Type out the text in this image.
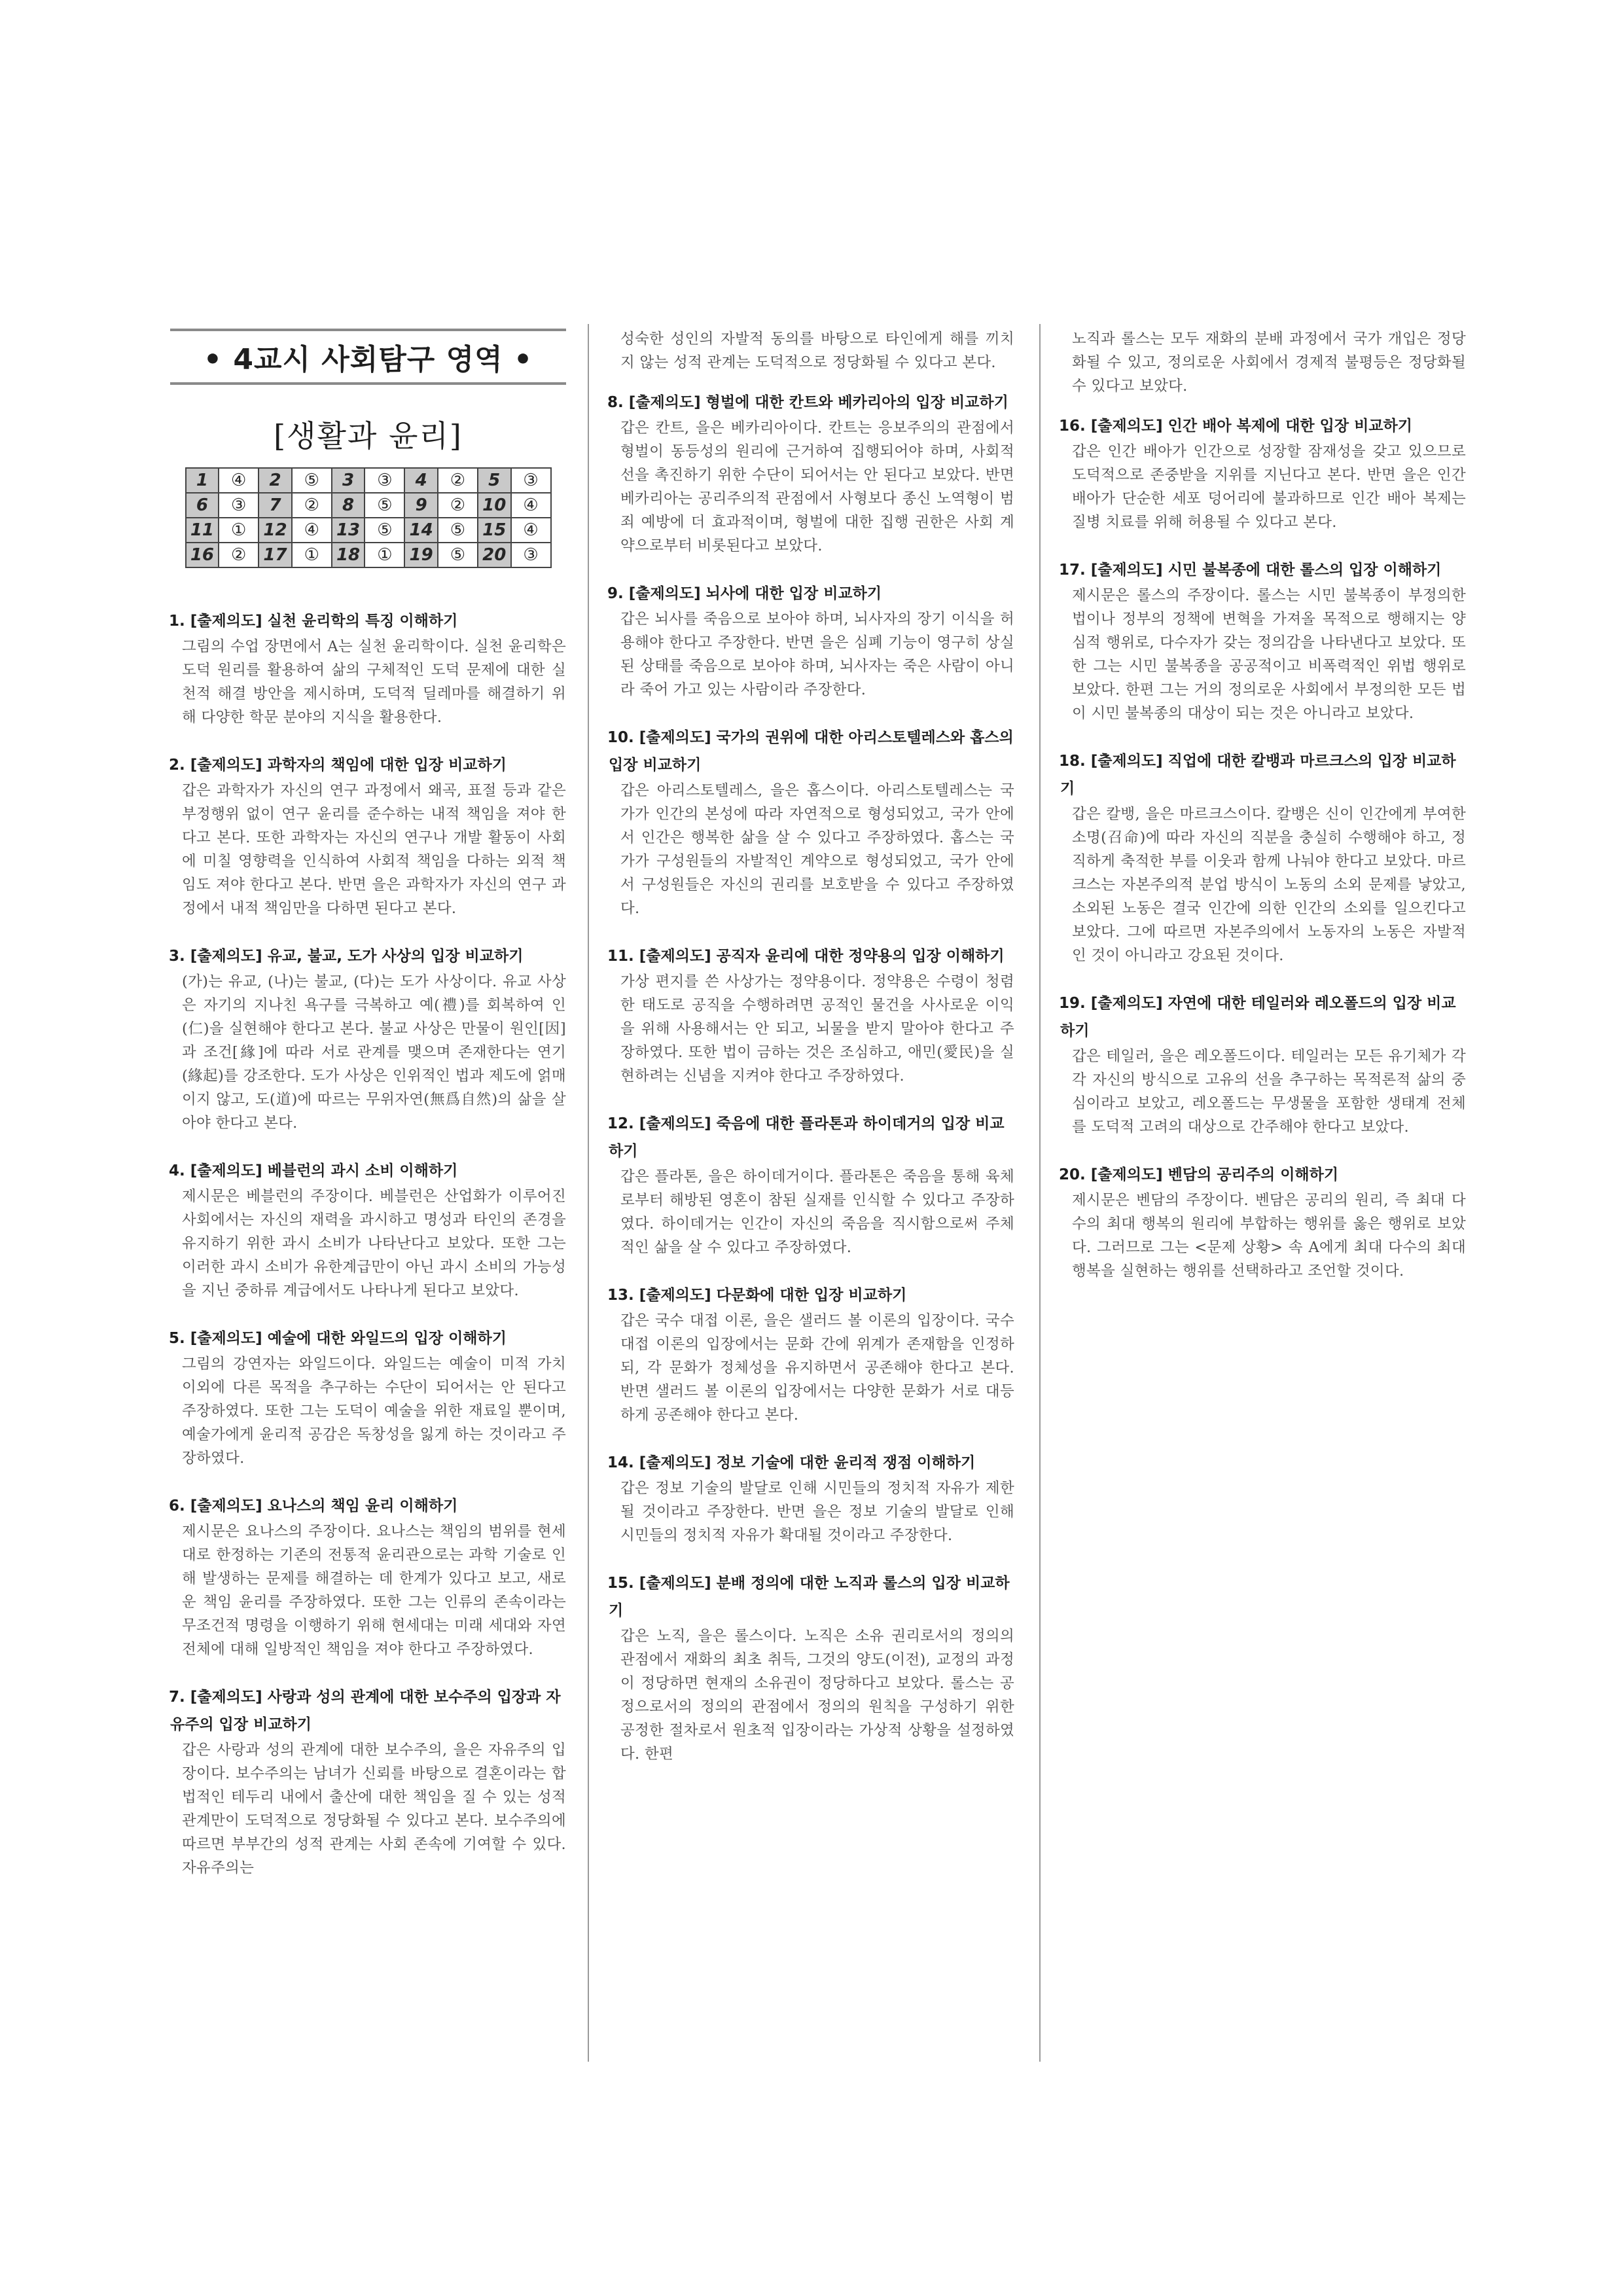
• 4교시 사회탐구 영역 •
[생활과 윤리]
1	④	2	⑤	3	③	4	②	5	③
6	③	7	②	8	⑤	9	②	10	④
11	①	12	④	13	⑤	14	⑤	15	④
16	②	17	①	18	①	19	⑤	20	③
1. [출제의도] 실천 윤리학의 특징 이해하기
그림의 수업 장면에서 A는 실천 윤리학이다. 실천 윤리학은 도덕 원리를 활용하여 삶의 구체적인 도덕 문제에 대한 실천적 해결 방안을 제시하며, 도덕적 딜레마를 해결하기 위해 다양한 학문 분야의 지식을 활용한다.
2. [출제의도] 과학자의 책임에 대한 입장 비교하기
갑은 과학자가 자신의 연구 과정에서 왜곡, 표절 등과 같은 부정행위 없이 연구 윤리를 준수하는 내적 책임을 져야 한다고 본다. 또한 과학자는 자신의 연구나 개발 활동이 사회에 미칠 영향력을 인식하여 사회적 책임을 다하는 외적 책임도 져야 한다고 본다. 반면 을은 과학자가 자신의 연구 과정에서 내적 책임만을 다하면 된다고 본다.
3. [출제의도] 유교, 불교, 도가 사상의 입장 비교하기
(가)는 유교, (나)는 불교, (다)는 도가 사상이다. 유교 사상은 자기의 지나친 욕구를 극복하고 예(禮)를 회복하여 인(仁)을 실현해야 한다고 본다. 불교 사상은 만물이 원인[因]과 조건[緣]에 따라 서로 관계를 맺으며 존재한다는 연기(緣起)를 강조한다. 도가 사상은 인위적인 법과 제도에 얽매이지 않고, 도(道)에 따르는 무위자연(無爲自然)의 삶을 살아야 한다고 본다.
4. [출제의도] 베블런의 과시 소비 이해하기
제시문은 베블런의 주장이다. 베블런은 산업화가 이루어진 사회에서는 자신의 재력을 과시하고 명성과 타인의 존경을 유지하기 위한 과시 소비가 나타난다고 보았다. 또한 그는 이러한 과시 소비가 유한계급만이 아닌 과시 소비의 가능성을 지닌 중하류 계급에서도 나타나게 된다고 보았다.
5. [출제의도] 예술에 대한 와일드의 입장 이해하기
그림의 강연자는 와일드이다. 와일드는 예술이 미적 가치 이외에 다른 목적을 추구하는 수단이 되어서는 안 된다고 주장하였다. 또한 그는 도덕이 예술을 위한 재료일 뿐이며, 예술가에게 윤리적 공감은 독창성을 잃게 하는 것이라고 주장하였다.
6. [출제의도] 요나스의 책임 윤리 이해하기
제시문은 요나스의 주장이다. 요나스는 책임의 범위를 현세대로 한정하는 기존의 전통적 윤리관으로는 과학 기술로 인해 발생하는 문제를 해결하는 데 한계가 있다고 보고, 새로운 책임 윤리를 주장하였다. 또한 그는 인류의 존속이라는 무조건적 명령을 이행하기 위해 현세대는 미래 세대와 자연 전체에 대해 일방적인 책임을 져야 한다고 주장하였다.
7. [출제의도] 사랑과 성의 관계에 대한 보수주의 입장과 자유주의 입장 비교하기
갑은 사랑과 성의 관계에 대한 보수주의, 을은 자유주의 입장이다. 보수주의는 남녀가 신뢰를 바탕으로 결혼이라는 합법적인 테두리 내에서 출산에 대한 책임을 질 수 있는 성적 관계만이 도덕적으로 정당화될 수 있다고 본다. 보수주의에 따르면 부부간의 성적 관계는 사회 존속에 기여할 수 있다. 자유주의는
성숙한 성인의 자발적 동의를 바탕으로 타인에게 해를 끼치지 않는 성적 관계는 도덕적으로 정당화될 수 있다고 본다.
8. [출제의도] 형벌에 대한 칸트와 베카리아의 입장 비교하기
갑은 칸트, 을은 베카리아이다. 칸트는 응보주의의 관점에서 형벌이 동등성의 원리에 근거하여 집행되어야 하며, 사회적 선을 촉진하기 위한 수단이 되어서는 안 된다고 보았다. 반면 베카리아는 공리주의적 관점에서 사형보다 종신 노역형이 범죄 예방에 더 효과적이며, 형벌에 대한 집행 권한은 사회 계약으로부터 비롯된다고 보았다.
9. [출제의도] 뇌사에 대한 입장 비교하기
갑은 뇌사를 죽음으로 보아야 하며, 뇌사자의 장기 이식을 허용해야 한다고 주장한다. 반면 을은 심폐 기능이 영구히 상실된 상태를 죽음으로 보아야 하며, 뇌사자는 죽은 사람이 아니라 죽어 가고 있는 사람이라 주장한다.
10. [출제의도] 국가의 권위에 대한 아리스토텔레스와 홉스의 입장 비교하기
갑은 아리스토텔레스, 을은 홉스이다. 아리스토텔레스는 국가가 인간의 본성에 따라 자연적으로 형성되었고, 국가 안에서 인간은 행복한 삶을 살 수 있다고 주장하였다. 홉스는 국가가 구성원들의 자발적인 계약으로 형성되었고, 국가 안에서 구성원들은 자신의 권리를 보호받을 수 있다고 주장하였다.
11. [출제의도] 공직자 윤리에 대한 정약용의 입장 이해하기
가상 편지를 쓴 사상가는 정약용이다. 정약용은 수령이 청렴한 태도로 공직을 수행하려면 공적인 물건을 사사로운 이익을 위해 사용해서는 안 되고, 뇌물을 받지 말아야 한다고 주장하였다. 또한 법이 금하는 것은 조심하고, 애민(愛民)을 실현하려는 신념을 지켜야 한다고 주장하였다.
12. [출제의도] 죽음에 대한 플라톤과 하이데거의 입장 비교하기
갑은 플라톤, 을은 하이데거이다. 플라톤은 죽음을 통해 육체로부터 해방된 영혼이 참된 실재를 인식할 수 있다고 주장하였다. 하이데거는 인간이 자신의 죽음을 직시함으로써 주체적인 삶을 살 수 있다고 주장하였다.
13. [출제의도] 다문화에 대한 입장 비교하기
갑은 국수 대접 이론, 을은 샐러드 볼 이론의 입장이다. 국수 대접 이론의 입장에서는 문화 간에 위계가 존재함을 인정하되, 각 문화가 정체성을 유지하면서 공존해야 한다고 본다. 반면 샐러드 볼 이론의 입장에서는 다양한 문화가 서로 대등하게 공존해야 한다고 본다.
14. [출제의도] 정보 기술에 대한 윤리적 쟁점 이해하기
갑은 정보 기술의 발달로 인해 시민들의 정치적 자유가 제한될 것이라고 주장한다. 반면 을은 정보 기술의 발달로 인해 시민들의 정치적 자유가 확대될 것이라고 주장한다.
15. [출제의도] 분배 정의에 대한 노직과 롤스의 입장 비교하기
갑은 노직, 을은 롤스이다. 노직은 소유 권리로서의 정의의 관점에서 재화의 최초 취득, 그것의 양도(이전), 교정의 과정이 정당하면 현재의 소유권이 정당하다고 보았다. 롤스는 공정으로서의 정의의 관점에서 정의의 원칙을 구성하기 위한 공정한 절차로서 원초적 입장이라는 가상적 상황을 설정하였다. 한편
노직과 롤스는 모두 재화의 분배 과정에서 국가 개입은 정당화될 수 있고, 정의로운 사회에서 경제적 불평등은 정당화될 수 있다고 보았다.
16. [출제의도] 인간 배아 복제에 대한 입장 비교하기
갑은 인간 배아가 인간으로 성장할 잠재성을 갖고 있으므로 도덕적으로 존중받을 지위를 지닌다고 본다. 반면 을은 인간 배아가 단순한 세포 덩어리에 불과하므로 인간 배아 복제는 질병 치료를 위해 허용될 수 있다고 본다.
17. [출제의도] 시민 불복종에 대한 롤스의 입장 이해하기
제시문은 롤스의 주장이다. 롤스는 시민 불복종이 부정의한 법이나 정부의 정책에 변혁을 가져올 목적으로 행해지는 양심적 행위로, 다수자가 갖는 정의감을 나타낸다고 보았다. 또한 그는 시민 불복종을 공공적이고 비폭력적인 위법 행위로 보았다. 한편 그는 거의 정의로운 사회에서 부정의한 모든 법이 시민 불복종의 대상이 되는 것은 아니라고 보았다.
18. [출제의도] 직업에 대한 칼뱅과 마르크스의 입장 비교하기
갑은 칼뱅, 을은 마르크스이다. 칼뱅은 신이 인간에게 부여한 소명(召命)에 따라 자신의 직분을 충실히 수행해야 하고, 정직하게 축적한 부를 이웃과 함께 나눠야 한다고 보았다. 마르크스는 자본주의적 분업 방식이 노동의 소외 문제를 낳았고, 소외된 노동은 결국 인간에 의한 인간의 소외를 일으킨다고 보았다. 그에 따르면 자본주의에서 노동자의 노동은 자발적인 것이 아니라고 강요된 것이다.
19. [출제의도] 자연에 대한 테일러와 레오폴드의 입장 비교하기
갑은 테일러, 을은 레오폴드이다. 테일러는 모든 유기체가 각각 자신의 방식으로 고유의 선을 추구하는 목적론적 삶의 중심이라고 보았고, 레오폴드는 무생물을 포함한 생태계 전체를 도덕적 고려의 대상으로 간주해야 한다고 보았다.
20. [출제의도] 벤담의 공리주의 이해하기
제시문은 벤담의 주장이다. 벤담은 공리의 원리, 즉 최대 다수의 최대 행복의 원리에 부합하는 행위를 옳은 행위로 보았다. 그러므로 그는 <문제 상황> 속 A에게 최대 다수의 최대 행복을 실현하는 행위를 선택하라고 조언할 것이다.
